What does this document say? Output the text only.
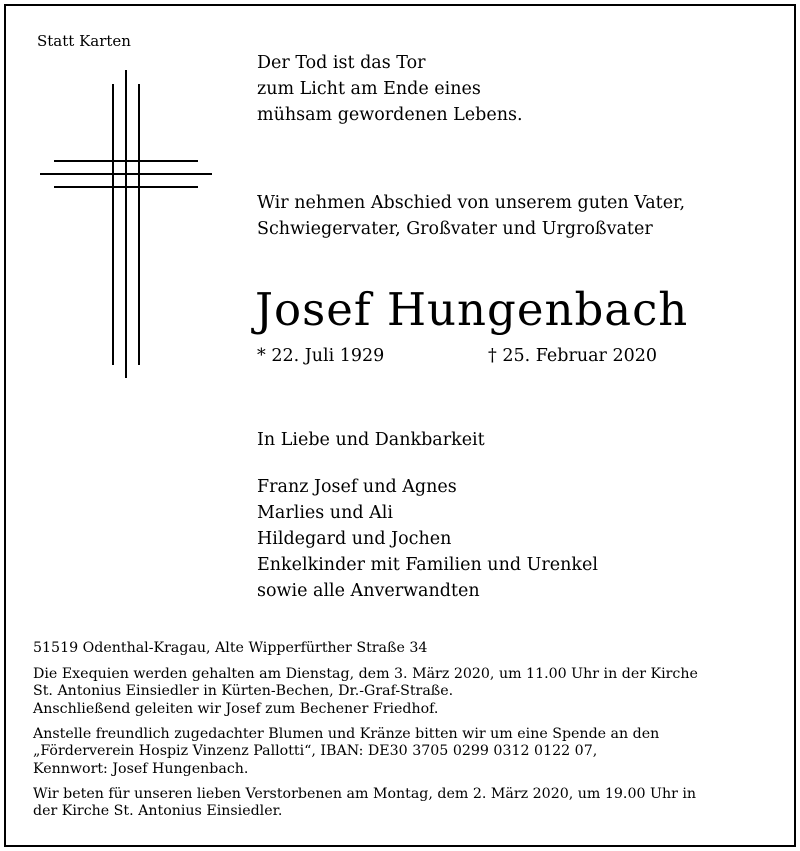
Statt Karten
Der Tod ist das Tor
zum Licht am Ende eines
mühsam gewordenen Lebens.
Wir nehmen Abschied von unserem guten Vater,
Schwiegervater, Großvater und Urgroßvater
Josef Hungenbach
* 22. Juli 1929	† 25. Februar 2020
In Liebe und Dankbarkeit
Franz Josef und Agnes
Marlies und Ali
Hildegard und Jochen
Enkelkinder mit Familien und Urenkel
sowie alle Anverwandten
51519 Odenthal-Kragau, Alte Wipperfürther Straße 34
Die Exequien werden gehalten am Dienstag, dem 3. März 2020, um 11.00 Uhr in der Kirche
St. Antonius Einsiedler in Kürten-Bechen, Dr.-Graf-Straße.
Anschließend geleiten wir Josef zum Bechener Friedhof.
Anstelle freundlich zugedachter Blumen und Kränze bitten wir um eine Spende an den
„Förderverein Hospiz Vinzenz Pallotti“, IBAN: DE30 3705 0299 0312 0122 07,
Kennwort: Josef Hungenbach.
Wir beten für unseren lieben Verstorbenen am Montag, dem 2. März 2020, um 19.00 Uhr in
der Kirche St. Antonius Einsiedler.
